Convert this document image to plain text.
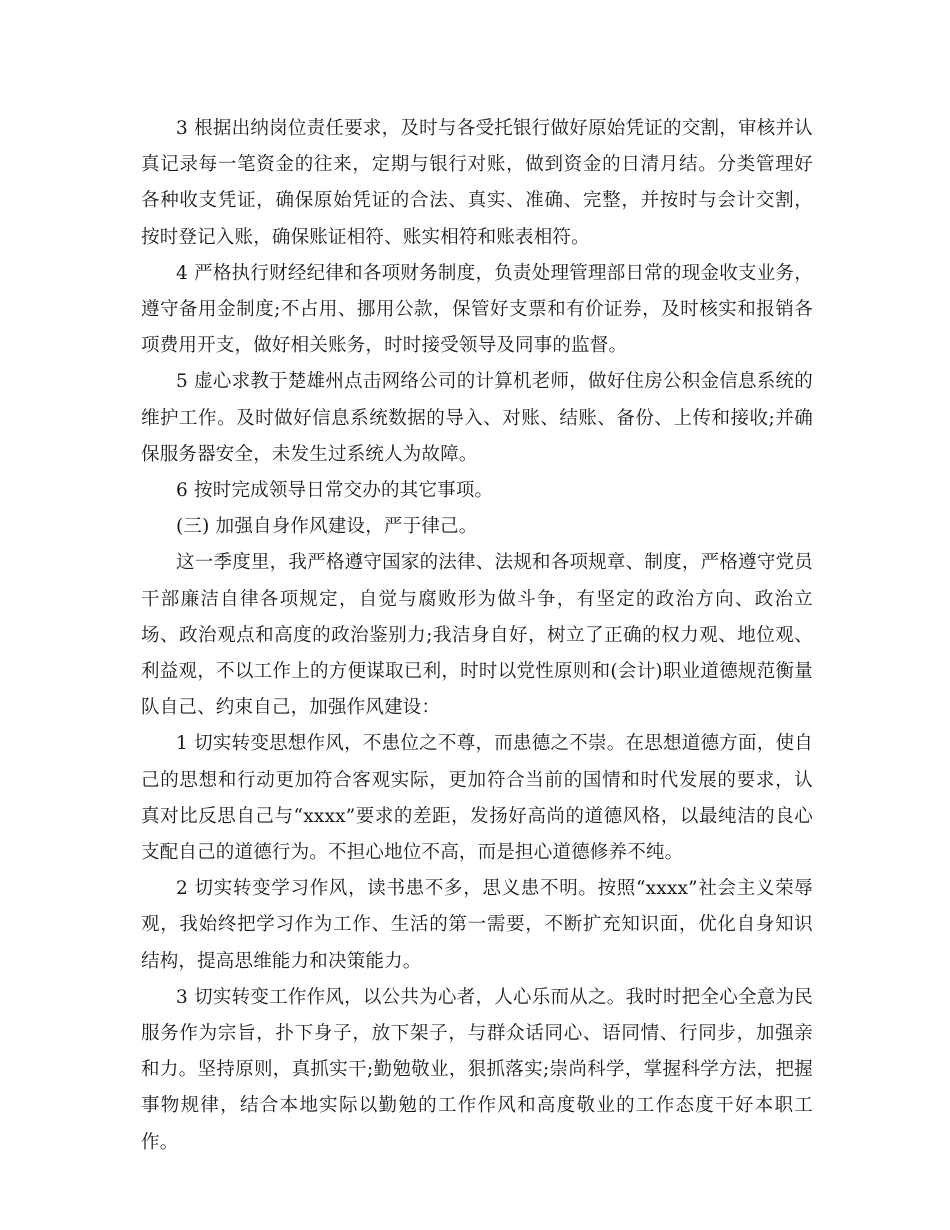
3 根据出纳岗位责任要求，及时与各受托银行做好原始凭证的交割，审核并认真记录每一笔资金的往来，定期与银行对账，做到资金的日清月结。分类管理好各种收支凭证，确保原始凭证的合法、真实、准确、完整，并按时与会计交割，按时登记入账，确保账证相符、账实相符和账表相符。

4 严格执行财经纪律和各项财务制度，负责处理管理部日常的现金收支业务，遵守备用金制度;不占用、挪用公款，保管好支票和有价证券，及时核实和报销各项费用开支，做好相关账务，时时接受领导及同事的监督。

5 虚心求教于楚雄州点击网络公司的计算机老师，做好住房公积金信息系统的维护工作。及时做好信息系统数据的导入、对账、结账、备份、上传和接收;并确保服务器安全，未发生过系统人为故障。

6 按时完成领导日常交办的其它事项。

(三) 加强自身作风建设，严于律己。

这一季度里，我严格遵守国家的法律、法规和各项规章、制度，严格遵守党员干部廉洁自律各项规定，自觉与腐败形为做斗争，有坚定的政治方向、政治立场、政治观点和高度的政治鉴别力;我洁身自好，树立了正确的权力观、地位观、利益观，不以工作上的方便谋取已利，时时以党性原则和(会计)职业道德规范衡量队自己、约束自己，加强作风建设：

1 切实转变思想作风，不患位之不尊，而患德之不崇。在思想道德方面，使自己的思想和行动更加符合客观实际，更加符合当前的国情和时代发展的要求，认真对比反思自己与“xxxx”要求的差距，发扬好高尚的道德风格，以最纯洁的良心支配自己的道德行为。不担心地位不高，而是担心道德修养不纯。

2 切实转变学习作风，读书患不多，思义患不明。按照“xxxx”社会主义荣辱观，我始终把学习作为工作、生活的第一需要，不断扩充知识面，优化自身知识结构，提高思维能力和决策能力。

3 切实转变工作作风，以公共为心者，人心乐而从之。我时时把全心全意为民服务作为宗旨，扑下身子，放下架子，与群众话同心、语同情、行同步，加强亲和力。坚持原则，真抓实干;勤勉敬业，狠抓落实;崇尚科学，掌握科学方法，把握事物规律，结合本地实际以勤勉的工作作风和高度敬业的工作态度干好本职工作。
